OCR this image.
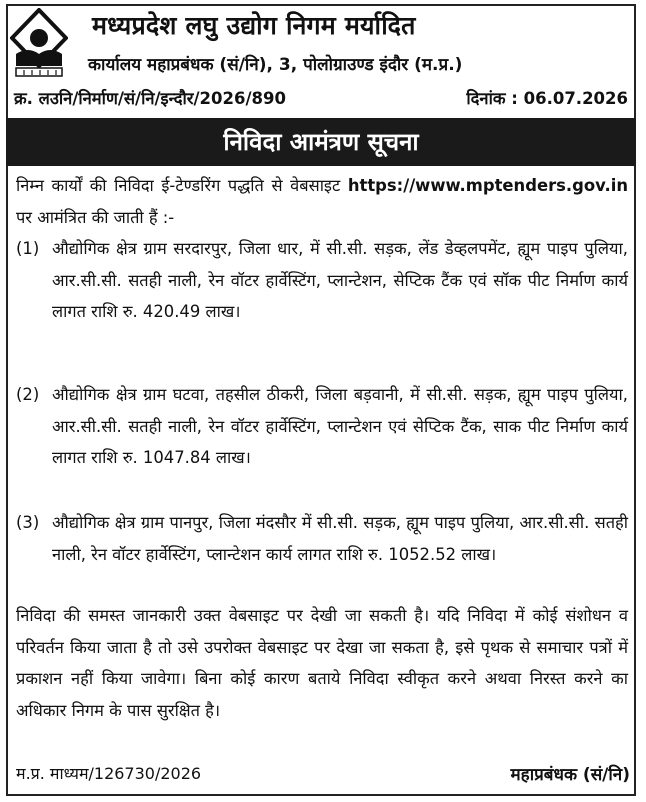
मध्यप्रदेश लघु उद्योग निगम मर्यादित
कार्यालय महाप्रबंधक (सं/नि), 3, पोलोग्राउण्ड इंदौर (म.प्र.)
क्र. लउनि/निर्माण/सं/नि/इन्दौर/2026/890	दिनांक : 06.07.2026
निविदा आमंत्रण सूचना
निम्न कार्यों की निविदा ई-टेण्डरिंग पद्धति से वेबसाइट https://www.mptenders.gov.in पर आमंत्रित की जाती हैं :-
(1) औद्योगिक क्षेत्र ग्राम सरदारपुर, जिला धार, में सी.सी. सड़क, लेंड डेव्हलपमेंट, ह्यूम पाइप पुलिया, आर.सी.सी. सतही नाली, रेन वॉटर हार्वेस्टिंग, प्लान्टेशन, सेप्टिक टैंक एवं सॉक पीट निर्माण कार्य लागत राशि रु. 420.49 लाख।
(2) औद्योगिक क्षेत्र ग्राम घटवा, तहसील ठीकरी, जिला बड़वानी, में सी.सी. सड़क, ह्यूम पाइप पुलिया, आर.सी.सी. सतही नाली, रेन वॉटर हार्वेस्टिंग, प्लान्टेशन एवं सेप्टिक टैंक, साक पीट निर्माण कार्य लागत राशि रु. 1047.84 लाख।
(3) औद्योगिक क्षेत्र ग्राम पानपुर, जिला मंदसौर में सी.सी. सड़क, ह्यूम पाइप पुलिया, आर.सी.सी. सतही नाली, रेन वॉटर हार्वेस्टिंग, प्लान्टेशन कार्य लागत राशि रु. 1052.52 लाख।
निविदा की समस्त जानकारी उक्त वेबसाइट पर देखी जा सकती है। यदि निविदा में कोई संशोधन व परिवर्तन किया जाता है तो उसे उपरोक्त वेबसाइट पर देखा जा सकता है, इसे पृथक से समाचार पत्रों में प्रकाशन नहीं किया जावेगा। बिना कोई कारण बताये निविदा स्वीकृत करने अथवा निरस्त करने का अधिकार निगम के पास सुरक्षित है।
म.प्र. माध्यम/126730/2026	महाप्रबंधक (सं/नि)
